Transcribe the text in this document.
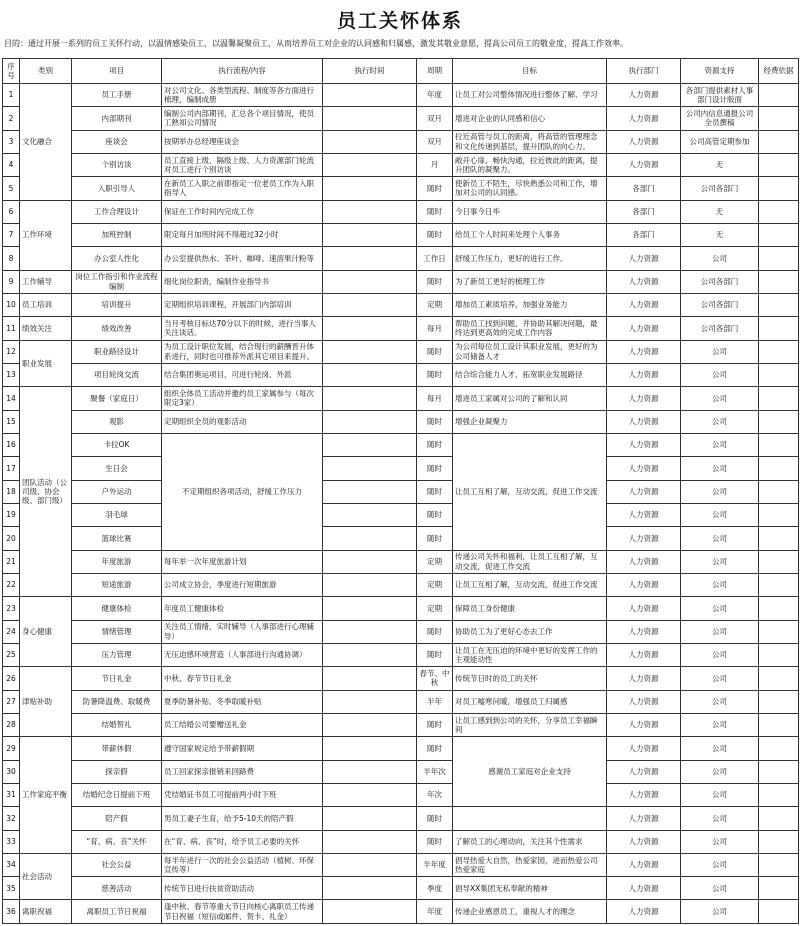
员工关怀体系
目的：通过开展一系列的员工关怀行动，以温情感染员工，以温馨凝聚员工，从而培养员工对企业的认同感和归属感，激发其敬业意愿，提高公司员工的敬业度，提高工作效率。
序号	类别	项目	执行流程/内容	执行时间	周期	目标	执行部门	资源支持	经费依据
1	文化融合	员工手册	对公司文化、各类型流程、制度等各方面进行梳理，编制成册		年度	让员工对公司整体情况进行整体了解、学习	人力资源	各部门提供素材人事部门设计版面	
2		内部期刊	编制公司内部期刊，汇总各个项目情况，使员工熟知公司情况		双月	增进对企业的认同感和信心	人力资源	公司内信息通报公司全员撰稿	
3		座谈会	按期举办总经理座谈会		双月	拉近高管与员工的距离，将高管的管理理念和文化传递到基层，提升团队的向心力。	人力资源	公司高管定期参加	
4		个别访谈	员工直接上级、隔级上级、人力资源部门轮流对员工进行个别访谈		月	敞开心扉，畅快沟通，拉近彼此的距离，提升团队的凝聚力。	人力资源	无	
5		入职引导人	在新员工入职之前即指定一位老员工作为入职指导人		随时	使新员工不陌生，尽快熟悉公司和工作，增加对公司的认同感。	各部门	公司各部门	
6	工作环境	工作合理设计	保证在工作时间内完成工作		随时	今日事今日毕	各部门	无	
7		加班控制	限定每月加班时间不得超过32小时		随时	给员工个人时间来处理个人事务	各部门	无	
8		办公室人性化	办公室提供热水、茶叶、咖啡、速溶果汁粉等		工作日	舒缓工作压力，更好的进行工作。	人力资源	公司	
9	工作辅导	岗位工作指引和作业流程编制	细化岗位职责，编制作业指导书		随时	为了新员工更好的梳理工作	人力资源	公司各部门	
10	员工培训	培训提升	定期组织培训课程，开展部门内部培训		定期	增加员工素质培养，加强业务能力	人力资源	公司各部门	
11	绩效关注	绩效改善	当月考核目标达70分以下的时候，进行当事人关注谈话。		每月	帮助员工找到问题，并协助其解决问题，最终达到更高效的完成工作内容	人力资源	公司各部门	
12	职业发展	职业路径设计	为员工设计职位发展，结合现行的薪酬晋升体系进行，同时也可推荐外派其它项目来提升。		随时	为公司每位员工设计其职业发展，更好的为公司储备人才	人力资源	公司	
13		项目轮岗交流	结合集团奥运项目，可进行轮岗、外派		随时	结合综合能力人才，拓宽职业发展路径	人力资源	公司	
14	团队活动（公司级、协会级、部门级）	聚餐（家庭日）	组织全体员工活动并邀约员工家属参与（每次限定3家）		每月	增进员工家属对公司的了解和认同	人力资源	公司	
15		观影	定期组织全员的观影活动		随时	增强企业凝聚力	人力资源	公司	
16		卡拉OK	不定期组织各项活动，舒缓工作压力		随时	让员工互相了解，互动交流，促进工作交流	人力资源	公司	
17		生日会			随时		人力资源	公司	
18		户外运动			随时		人力资源	公司	
19		羽毛球			随时		人力资源	公司	
20		篮球比赛			随时		人力资源	公司	
21		年度旅游	每年举一次年度旅游计划		定期	传递公司关怀和福利，让员工互相了解，互动交流，促进工作交流	人力资源	公司	
22		短途旅游	公司成立协会，季度进行短期旅游		定期	让员工互相了解，互动交流，促进工作交流	人力资源	公司	
23	身心健康	健康体检	年度员工健康体检		定期	保障员工身份健康	人力资源	公司	
24		情绪管理	关注员工情绪，实时辅导（人事部进行心理辅导）		随时	协助员工为了更好心态去工作	人力资源	公司	
25		压力管理	无压迫感环境营造（人事部进行沟通协调）		随时	让员工在无压迫的环境中更好的发挥工作的主观能动性	人力资源	公司	
26	津贴补助	节日礼金	中秋、春节节日礼金		春节、中秋	传统节日时的员工的关怀	人力资源	公司	
27		防暑降温费、取暖费	夏季防暑补贴、冬季取暖补贴		半年	对员工嘘寒问暖，增强员工归属感	人力资源	公司	
28		结婚贺礼	员工结婚公司要赠送礼金		随时	让员工感到到公司的关怀，分享员工幸福瞬间	人力资源	公司	
29	工作家庭平衡	带薪休假	遵守国家规定给予带薪假期		随时	感谢员工家庭对企业支持	人力资源	公司	
30		探亲假	员工回家探亲报销来回路费		半年次		人力资源	公司	
31		结婚纪念日提前下班	凭结婚证书员工可提前两小时下班		年次		人力资源	公司	
32		陪产假	男员工妻子生育，给予5-10天的陪产假		随时		人力资源	公司	
33		“育、病、丧”关怀	在“育、病、丧”时，给予员工必要的关怀		随时	了解员工的心理动向，关注其个性需求	人力资源	公司	
34	社会活动	社会公益	每半年进行一次的社会公益活动（植树、环保宣传等）		半年度	倡导热爱大自然，热爱家园，进而热爱公司热爱家庭	人力资源	公司	
35		慈善活动	传统节日进行扶贫资助活动		季度	倡导XX集团无私奉献的精神	人力资源	公司	
36	离职祝福	离职员工节日祝福	逢中秋、春节等重大节日向核心离职员工传递节日祝福（短信或邮件、贺卡、礼金）		年度	传递企业感恩员工，重视人才的理念	人力资源	公司	
